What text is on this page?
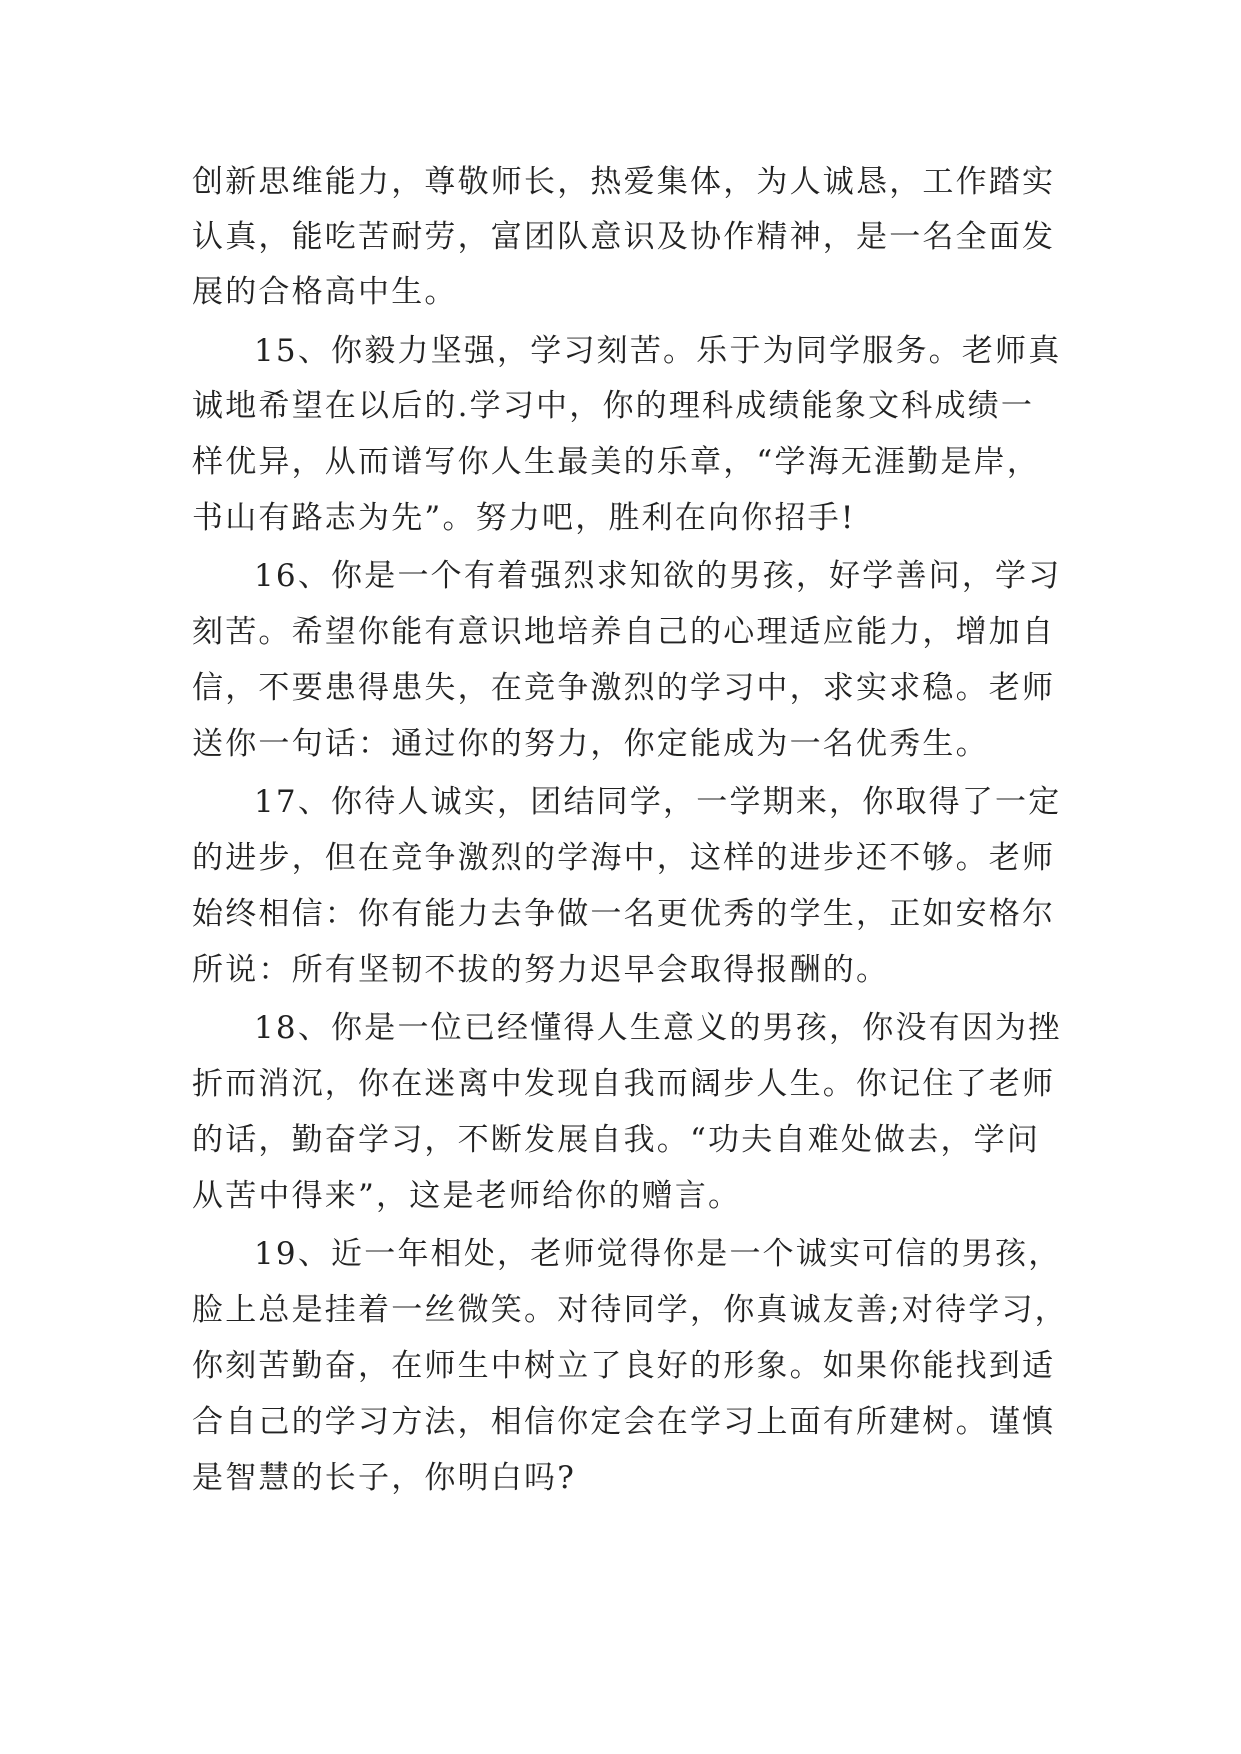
创新思维能力，尊敬师长，热爱集体，为人诚恳，工作踏实
认真，能吃苦耐劳，富团队意识及协作精神，是一名全面发
展的合格高中生。
15、你毅力坚强，学习刻苦。乐于为同学服务。老师真
诚地希望在以后的.学习中，你的理科成绩能象文科成绩一
样优异，从而谱写你人生最美的乐章，“学海无涯勤是岸，
书山有路志为先”。努力吧，胜利在向你招手!
16、你是一个有着强烈求知欲的男孩，好学善问，学习
刻苦。希望你能有意识地培养自己的心理适应能力，增加自
信，不要患得患失，在竞争激烈的学习中，求实求稳。老师
送你一句话：通过你的努力，你定能成为一名优秀生。
17、你待人诚实，团结同学，一学期来，你取得了一定
的进步，但在竞争激烈的学海中，这样的进步还不够。老师
始终相信：你有能力去争做一名更优秀的学生，正如安格尔
所说：所有坚韧不拔的努力迟早会取得报酬的。
18、你是一位已经懂得人生意义的男孩，你没有因为挫
折而消沉，你在迷离中发现自我而阔步人生。你记住了老师
的话，勤奋学习，不断发展自我。“功夫自难处做去，学问
从苦中得来”，这是老师给你的赠言。
19、近一年相处，老师觉得你是一个诚实可信的男孩，
脸上总是挂着一丝微笑。对待同学，你真诚友善;对待学习，
你刻苦勤奋，在师生中树立了良好的形象。如果你能找到适
合自己的学习方法，相信你定会在学习上面有所建树。谨慎
是智慧的长子，你明白吗?
